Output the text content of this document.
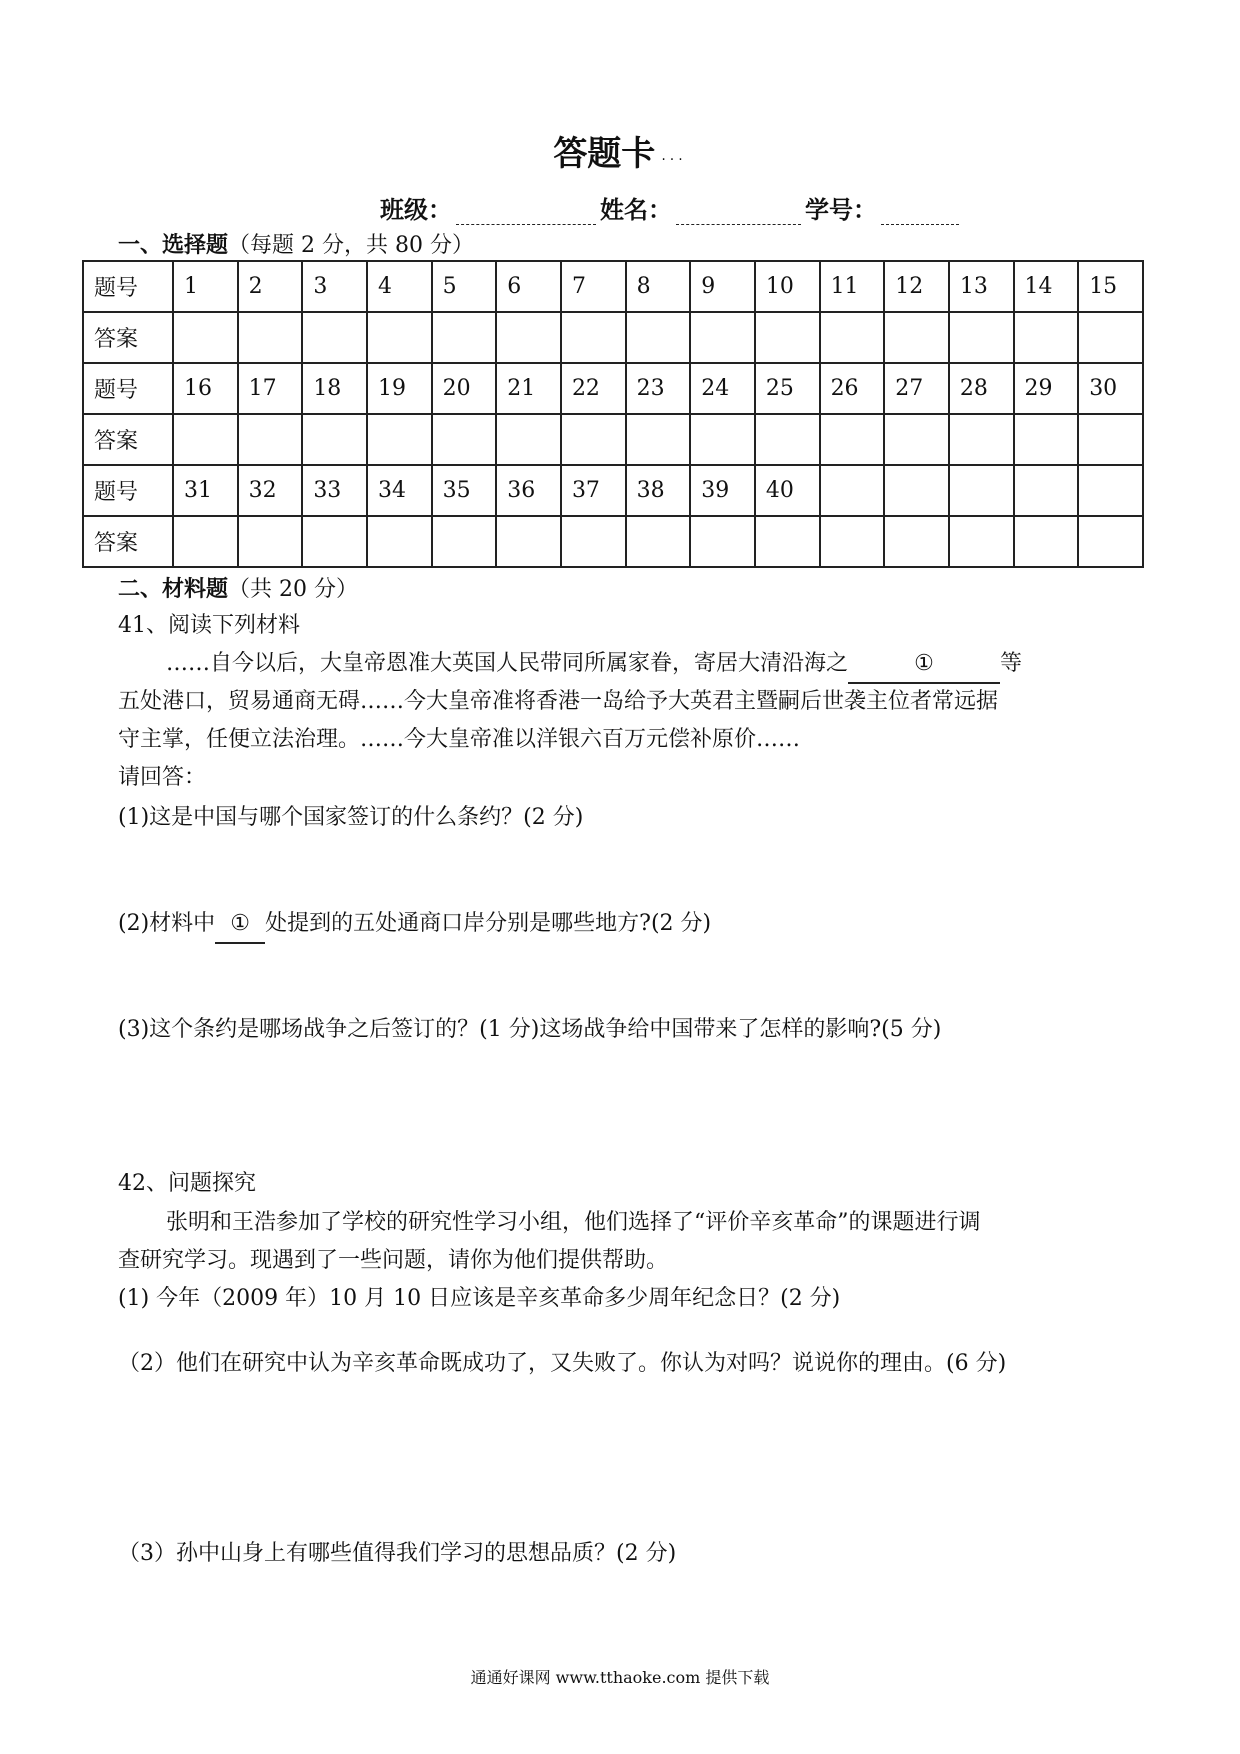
答题卡 ...
班级：	姓名：	学号：
一、选择题（每题 2 分，共 80 分）
题号	1	2	3	4	5	6	7	8	9	10	11	12	13	14	15
答案															
题号	16	17	18	19	20	21	22	23	24	25	26	27	28	29	30
答案															
题号	31	32	33	34	35	36	37	38	39	40					
答案															
二、材料题（共 20 分）
41、阅读下列材料
……自今以后，大皇帝恩准大英国人民带同所属家眷，寄居大清沿海之	①	等
五处港口，贸易通商无碍……今大皇帝准将香港一岛给予大英君主暨嗣后世袭主位者常远据
守主掌，任便立法治理。……今大皇帝准以洋银六百万元偿补原价……
请回答：
(1)这是中国与哪个国家签订的什么条约？(2 分)
(2)材料中 ① 处提到的五处通商口岸分别是哪些地方?(2 分)
(3)这个条约是哪场战争之后签订的？(1 分)这场战争给中国带来了怎样的影响?(5 分)
42、问题探究
张明和王浩参加了学校的研究性学习小组，他们选择了“评价辛亥革命”的课题进行调
查研究学习。现遇到了一些问题，请你为他们提供帮助。
(1) 今年（2009 年）10 月 10 日应该是辛亥革命多少周年纪念日？(2 分)
（2）他们在研究中认为辛亥革命既成功了，又失败了。你认为对吗？说说你的理由。(6 分)
（3）孙中山身上有哪些值得我们学习的思想品质？(2 分)
通通好课网 www.tthaoke.com 提供下载
